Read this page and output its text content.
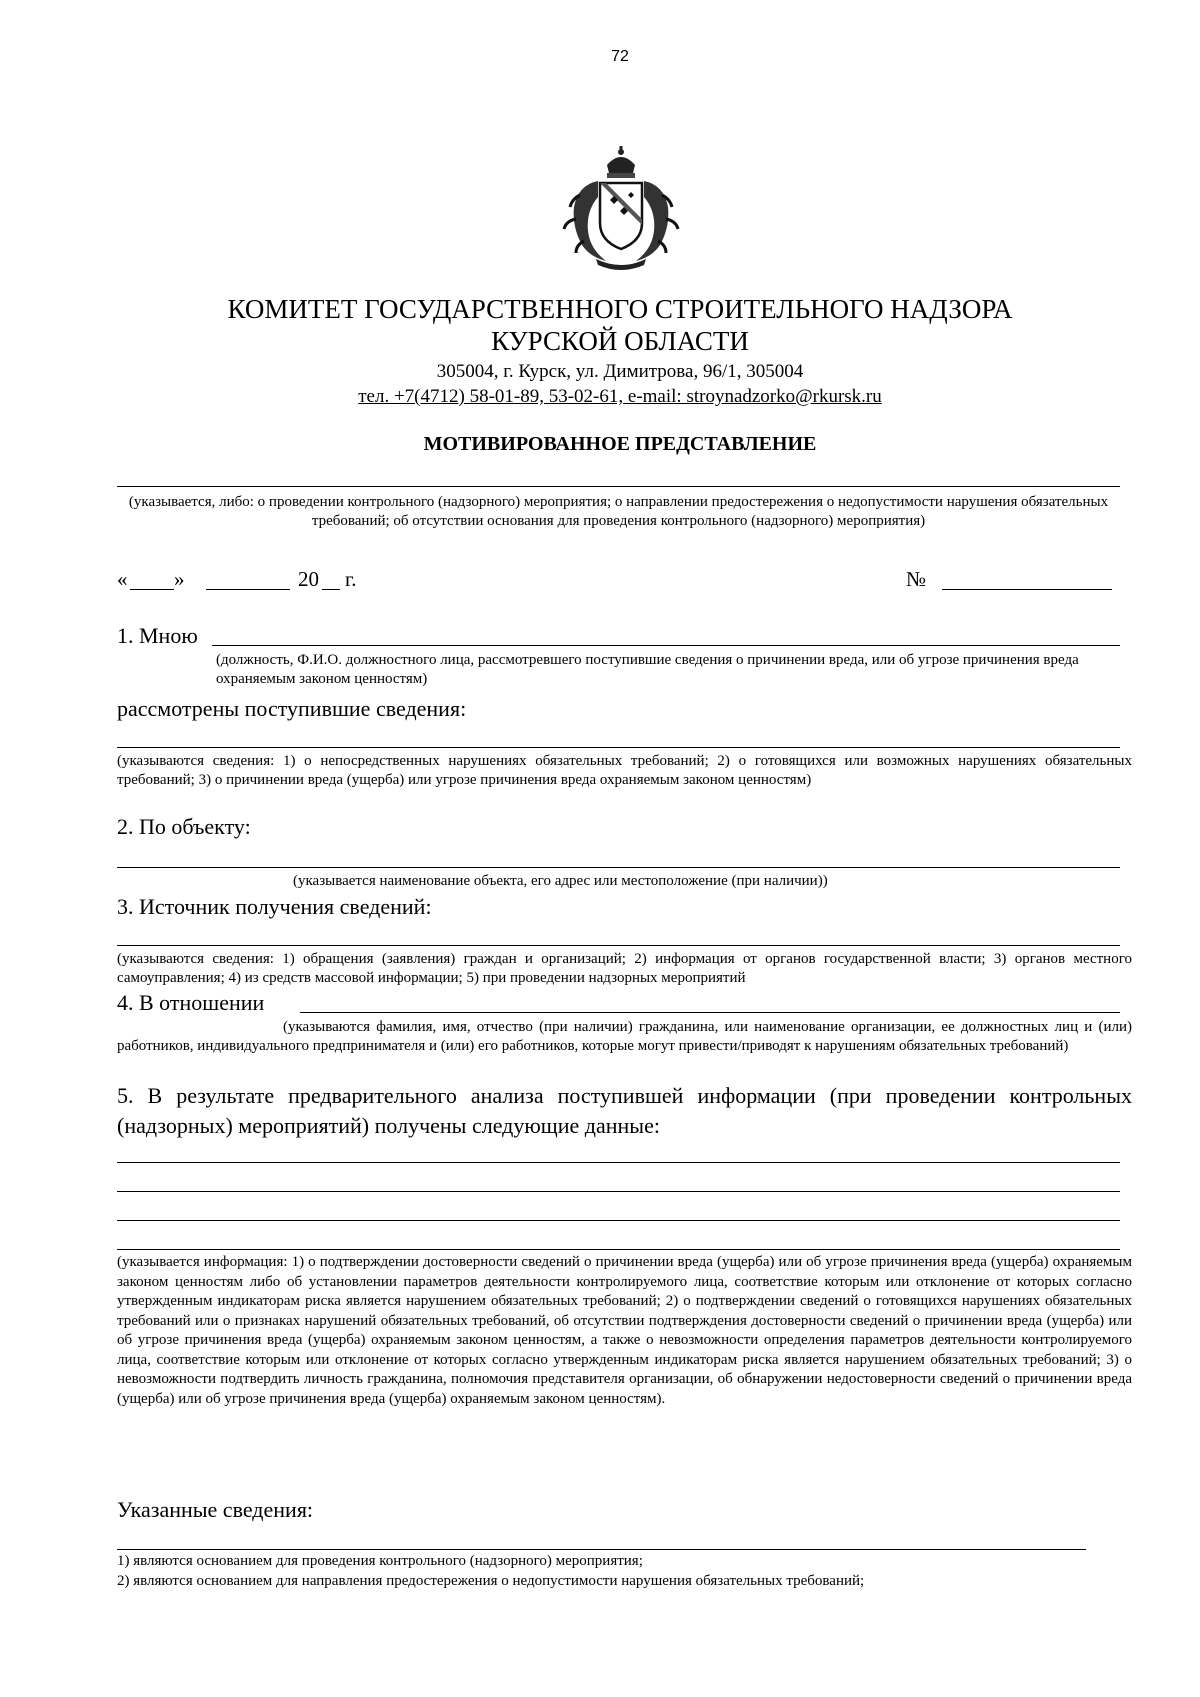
72
КОМИТЕТ ГОСУДАРСТВЕННОГО СТРОИТЕЛЬНОГО НАДЗОРА
КУРСКОЙ ОБЛАСТИ
305004, г. Курск, ул. Димитрова, 96/1, 305004
тел. +7(4712) 58-01-89, 53-02-61, e-mail: stroynadzorko@rkursk.ru
МОТИВИРОВАННОЕ ПРЕДСТАВЛЕНИЕ
(указывается, либо: о проведении контрольного (надзорного) мероприятия; о направлении предостережения о недопустимости нарушения обязательных требований; об отсутствии основания для проведения контрольного (надзорного) мероприятия)
« »	20 г.	№
1. Мною
(должность, Ф.И.О. должностного лица, рассмотревшего поступившие сведения о причинении вреда, или об угрозе причинения вреда охраняемым законом ценностям)
рассмотрены поступившие сведения:
(указываются сведения: 1) о непосредственных нарушениях обязательных требований; 2) о готовящихся или возможных нарушениях обязательных требований; 3) о причинении вреда (ущерба) или угрозе причинения вреда охраняемым законом ценностям)
2. По объекту:
(указывается наименование объекта, его адрес или местоположение (при наличии))
3. Источник получения сведений:
(указываются сведения: 1) обращения (заявления) граждан и организаций; 2) информация от органов государственной власти; 3) органов местного самоуправления; 4) из средств массовой информации; 5) при проведении надзорных мероприятий
4. В отношении
(указываются фамилия, имя, отчество (при наличии) гражданина, или наименование организации, ее должностных лиц и (или) работников, индивидуального предпринимателя и (или) его работников, которые могут привести/приводят к нарушениям обязательных требований)
5. В результате предварительного анализа поступившей информации (при проведении контрольных (надзорных) мероприятий) получены следующие данные:
(указывается информация: 1) о подтверждении достоверности сведений о причинении вреда (ущерба) или об угрозе причинения вреда (ущерба) охраняемым законом ценностям либо об установлении параметров деятельности контролируемого лица, соответствие которым или отклонение от которых согласно утвержденным индикаторам риска является нарушением обязательных требований; 2) о подтверждении сведений о готовящихся нарушениях обязательных требований или о признаках нарушений обязательных требований, об отсутствии подтверждения достоверности сведений о причинении вреда (ущерба) или об угрозе причинения вреда (ущерба) охраняемым законом ценностям, а также о невозможности определения параметров деятельности контролируемого лица, соответствие которым или отклонение от которых согласно утвержденным индикаторам риска является нарушением обязательных требований; 3) о невозможности подтвердить личность гражданина, полномочия представителя организации, об обнаружении недостоверности сведений о причинении вреда (ущерба) или об угрозе причинения вреда (ущерба) охраняемым законом ценностям).
Указанные сведения:
1) являются основанием для проведения контрольного (надзорного) мероприятия;
2) являются основанием для направления предостережения о недопустимости нарушения обязательных требований;
